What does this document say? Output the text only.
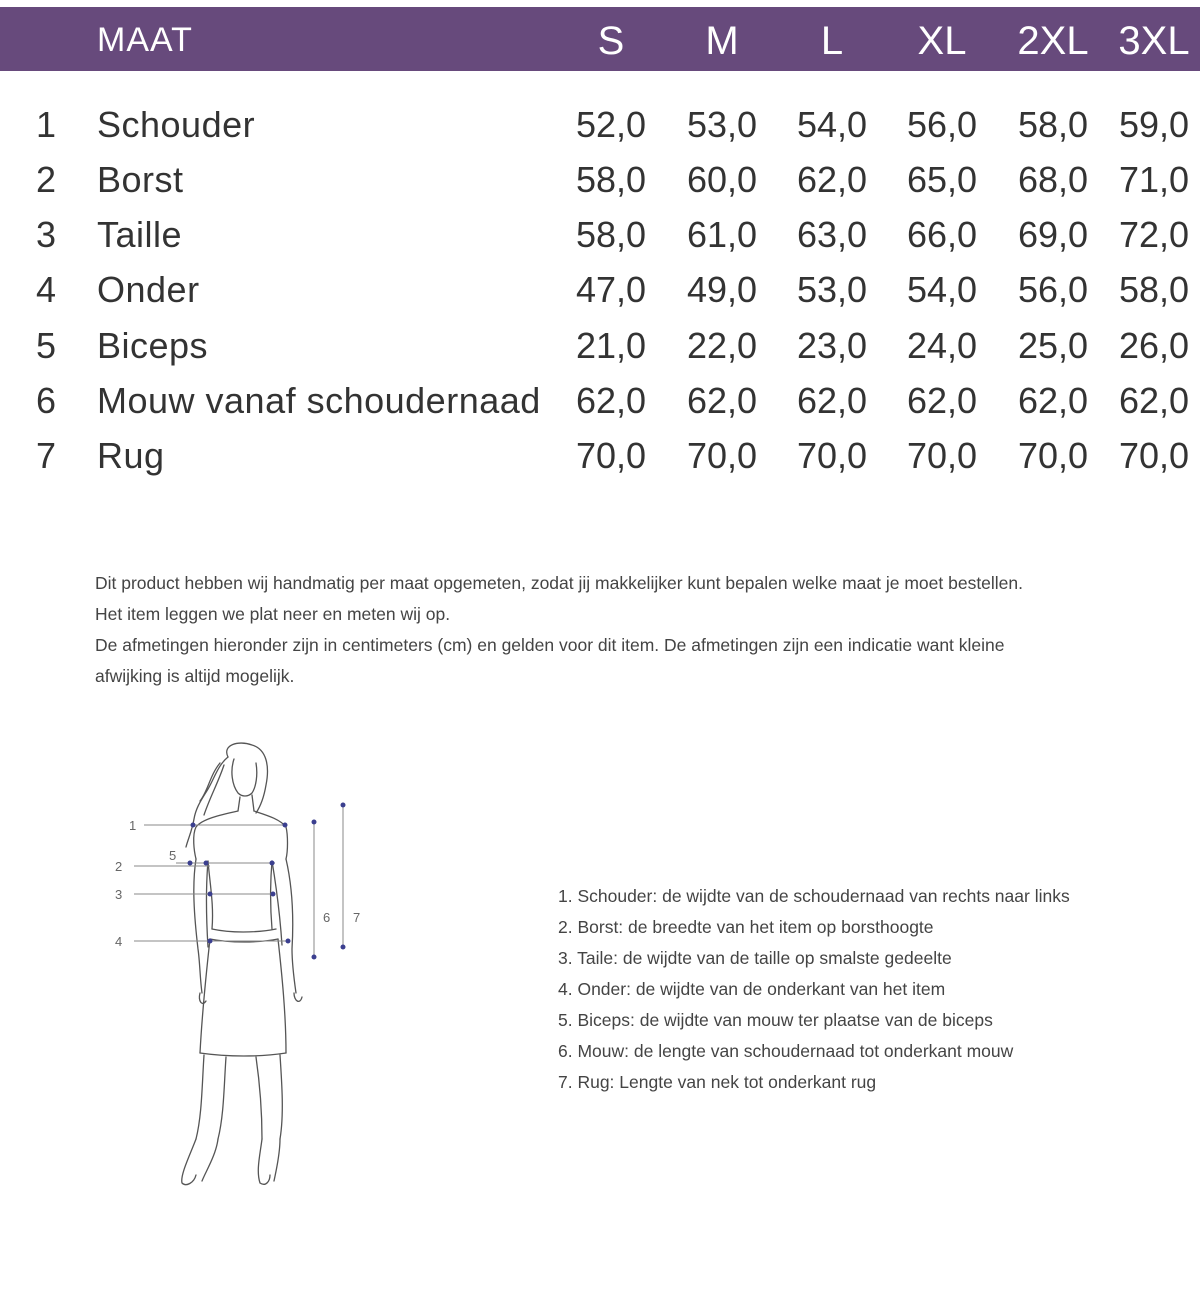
MAAT	S	M	L	XL	2XL 3XL
1 Schouder	52,0	53,0	54,0	56,0	58,0 59,0
2 Borst	58,0	60,0	62,0	65,0	68,0 71,0
3 Taille	58,0	61,0	63,0	66,0	69,0 72,0
4 Onder	47,0	49,0	53,0	54,0	56,0 58,0
5 Biceps	21,0	22,0	23,0	24,0	25,0 26,0
6 Mouw vanaf schoudernaad 62,0	62,0	62,0	62,0	62,0 62,0
7 Rug	70,0	70,0	70,0	70,0	70,0 70,0

Dit product hebben wij handmatig per maat opgemeten, zodat jij makkelijker kunt bepalen welke maat je moet bestellen.

Het item leggen we plat neer en meten wij op.

De afmetingen hieronder zijn in centimeters (cm) en gelden voor dit item. De afmetingen zijn een indicatie want kleine

afwijking is altijd mogelijk.

1
2
3
4
5
6 7
1. Schouder: de wijdte van de schoudernaad van rechts naar links
2. Borst: de breedte van het item op borsthoogte
3. Taile: de wijdte van de taille op smalste gedeelte
4. Onder: de wijdte van de onderkant van het item
5. Biceps: de wijdte van mouw ter plaatse van de biceps
6. Mouw: de lengte van schoudernaad tot onderkant mouw
7. Rug: Lengte van nek tot onderkant rug
